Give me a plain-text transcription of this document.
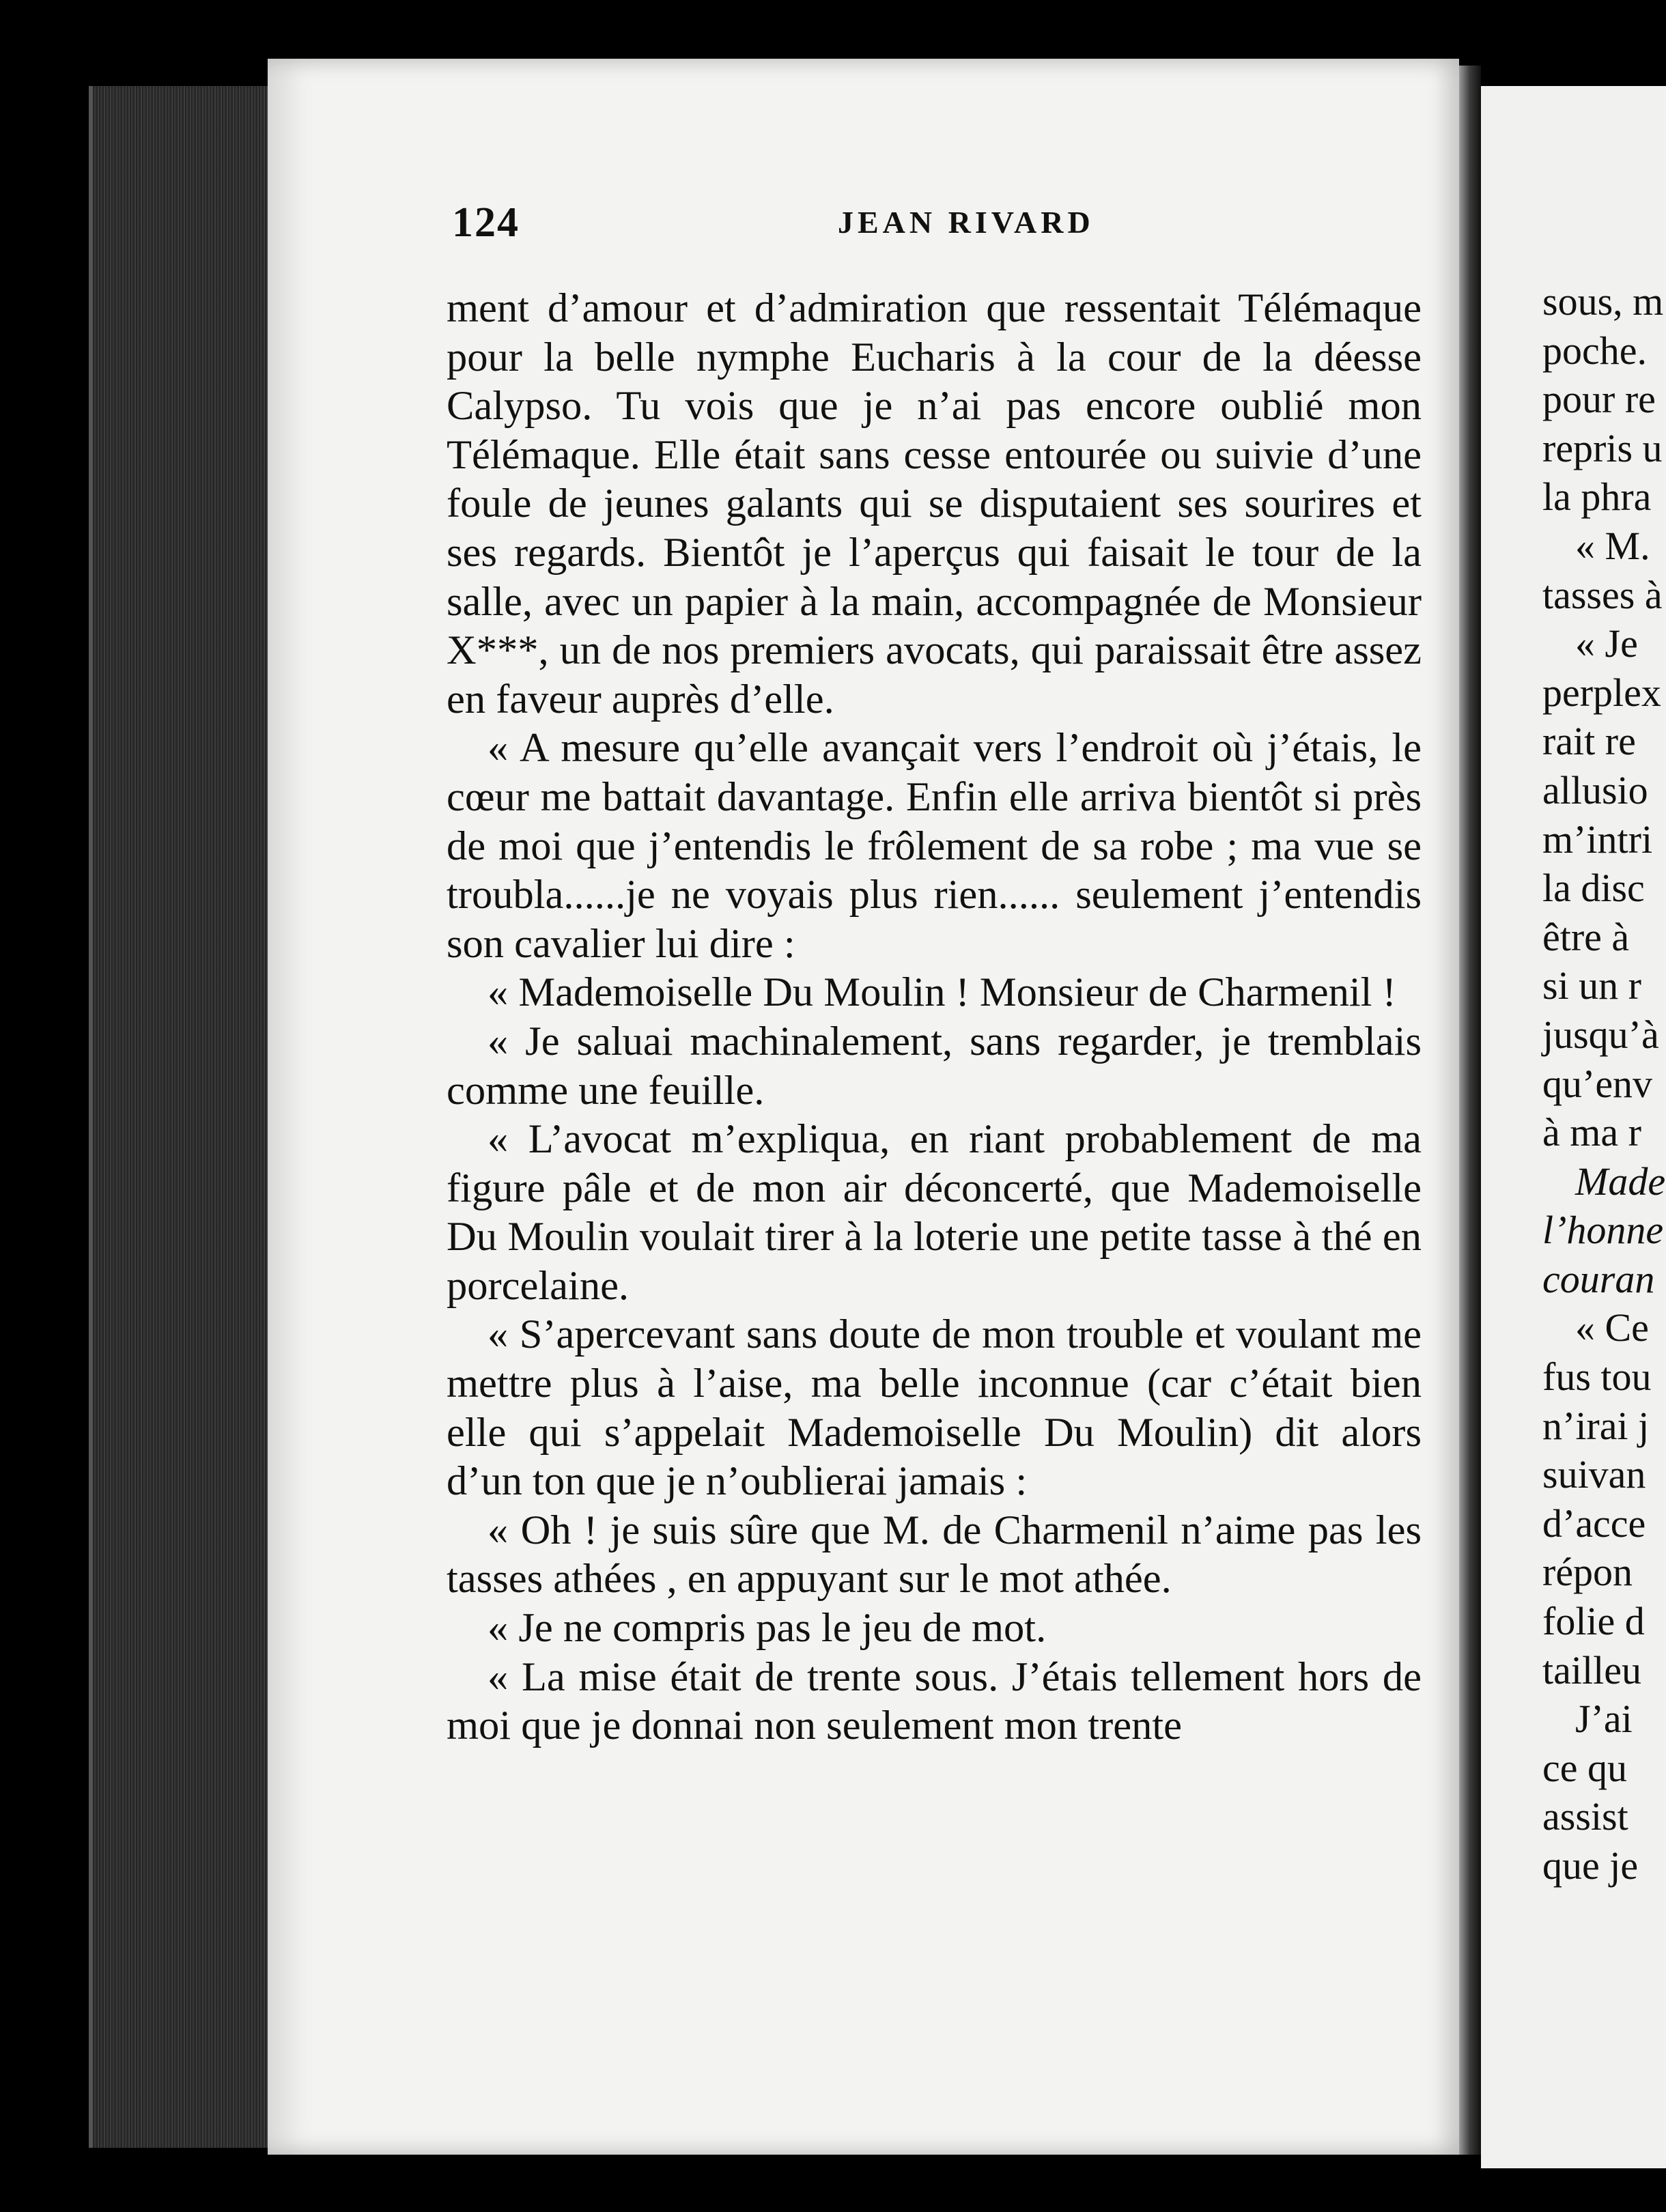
124	JEAN RIVARD

ment d’amour et d’admiration que ressentait Télémaque pour la belle nymphe Eucharis à la cour de la déesse Calypso. Tu vois que je n’ai pas encore oublié mon Télémaque. Elle était sans cesse entourée ou suivie d’une foule de jeunes galants qui se disputaient ses sourires et ses regards. Bientôt je l’aperçus qui faisait le tour de la salle, avec un papier à la main, accompagnée de Monsieur X***, un de nos premiers avocats, qui paraissait être assez en faveur auprès d’elle.

« A mesure qu’elle avançait vers l’endroit où j’étais, le cœur me battait davantage. Enfin elle arriva bientôt si près de moi que j’entendis le frôlement de sa robe ; ma vue se troubla......je ne voyais plus rien...... seulement j’entendis son cavalier lui dire :

« Mademoiselle Du Moulin ! Monsieur de Charmenil !

« Je saluai machinalement, sans regarder, je tremblais comme une feuille.

« L’avocat m’expliqua, en riant probablement de ma figure pâle et de mon air déconcerté, que Mademoiselle Du Moulin voulait tirer à la loterie une petite tasse à thé en porcelaine.

« S’apercevant sans doute de mon trouble et voulant me mettre plus à l’aise, ma belle inconnue (car c’était bien elle qui s’appelait Mademoiselle Du Moulin) dit alors d’un ton que je n’oublierai jamais :

« Oh ! je suis sûre que M. de Charmenil n’aime pas les tasses athées , en appuyant sur le mot athée.

« Je ne compris pas le jeu de mot.

« La mise était de trente sous. J’étais tellement hors de moi que je donnai non seulement mon trente

sous, m
poche.
pour re
repris u
la phra
« M.
tasses à
« Je
perplex
rait re
allusio
m’intri
la disc
être à
si un r
jusqu’à
qu’env
à ma r
Made
l’honne
couran
« Ce
fus tou
n’irai j
suivan
d’acce
répon
folie d
tailleu
J’ai
ce qu
assist
que je
